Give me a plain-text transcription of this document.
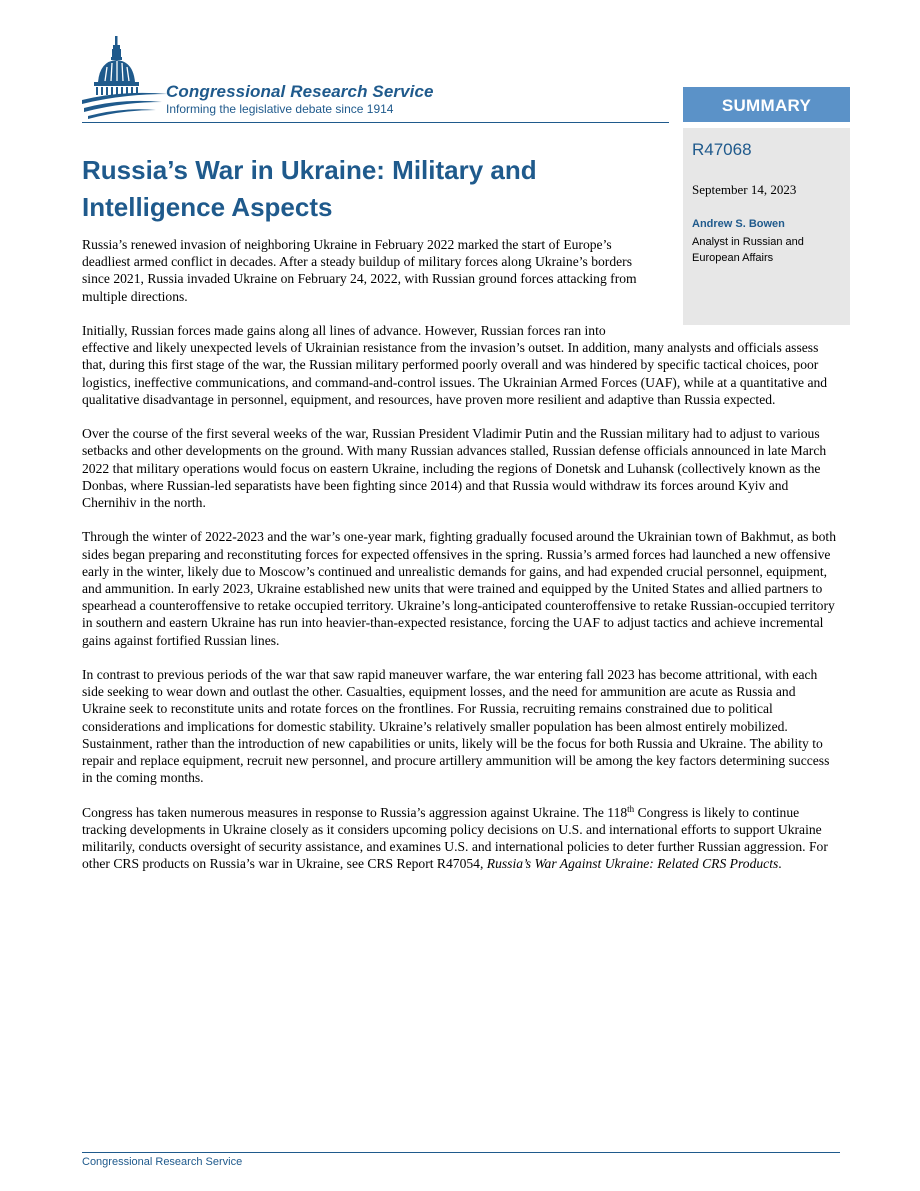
Congressional Research Service
Informing the legislative debate since 1914	SUMMARY
R47068
September 14, 2023
Andrew S. Bowen
Analyst in Russian and European Affairs
Russia’s War in Ukraine: Military and Intelligence Aspects

Russia’s renewed invasion of neighboring Ukraine in February 2022 marked the start of Europe’s deadliest armed conflict in decades. After a steady buildup of military forces along Ukraine’s borders since 2021, Russia invaded Ukraine on February 24, 2022, with Russian ground forces attacking from multiple directions.

Initially, Russian forces made gains along all lines of advance. However, Russian forces ran into effective and likely unexpected levels of Ukrainian resistance from the invasion’s outset. In addition, many analysts and officials assess that, during this first stage of the war, the Russian military performed poorly overall and was hindered by specific tactical choices, poor logistics, ineffective communications, and command-and-control issues. The Ukrainian Armed Forces (UAF), while at a quantitative and qualitative disadvantage in personnel, equipment, and resources, have proven more resilient and adaptive than Russia expected.

Over the course of the first several weeks of the war, Russian President Vladimir Putin and the Russian military had to adjust to various setbacks and other developments on the ground. With many Russian advances stalled, Russian defense officials announced in late March 2022 that military operations would focus on eastern Ukraine, including the regions of Donetsk and Luhansk (collectively known as the Donbas, where Russian-led separatists have been fighting since 2014) and that Russia would withdraw its forces around Kyiv and Chernihiv in the north.

Through the winter of 2022-2023 and the war’s one-year mark, fighting gradually focused around the Ukrainian town of Bakhmut, as both sides began preparing and reconstituting forces for expected offensives in the spring. Russia’s armed forces had launched a new offensive early in the winter, likely due to Moscow’s continued and unrealistic demands for gains, and had expended crucial personnel, equipment, and ammunition. In early 2023, Ukraine established new units that were trained and equipped by the United States and allied partners to spearhead a counteroffensive to retake occupied territory. Ukraine’s long-anticipated counteroffensive to retake Russian-occupied territory in southern and eastern Ukraine has run into heavier-than-expected resistance, forcing the UAF to adjust tactics and achieve incremental gains against fortified Russian lines.

In contrast to previous periods of the war that saw rapid maneuver warfare, the war entering fall 2023 has become attritional, with each side seeking to wear down and outlast the other. Casualties, equipment losses, and the need for ammunition are acute as Russia and Ukraine seek to reconstitute units and rotate forces on the frontlines. For Russia, recruiting remains constrained due to political considerations and implications for domestic stability. Ukraine’s relatively smaller population has been almost entirely mobilized. Sustainment, rather than the introduction of new capabilities or units, likely will be the focus for both Russia and Ukraine. The ability to repair and replace equipment, recruit new personnel, and procure artillery ammunition will be among the key factors determining success in the coming months.

Congress has taken numerous measures in response to Russia’s aggression against Ukraine. The 118th Congress is likely to continue tracking developments in Ukraine closely as it considers upcoming policy decisions on U.S. and international efforts to support Ukraine militarily, conducts oversight of security assistance, and examines U.S. and international policies to deter further Russian aggression. For other CRS products on Russia’s war in Ukraine, see CRS Report R47054, Russia’s War Against Ukraine: Related CRS Products.

Congressional Research Service
